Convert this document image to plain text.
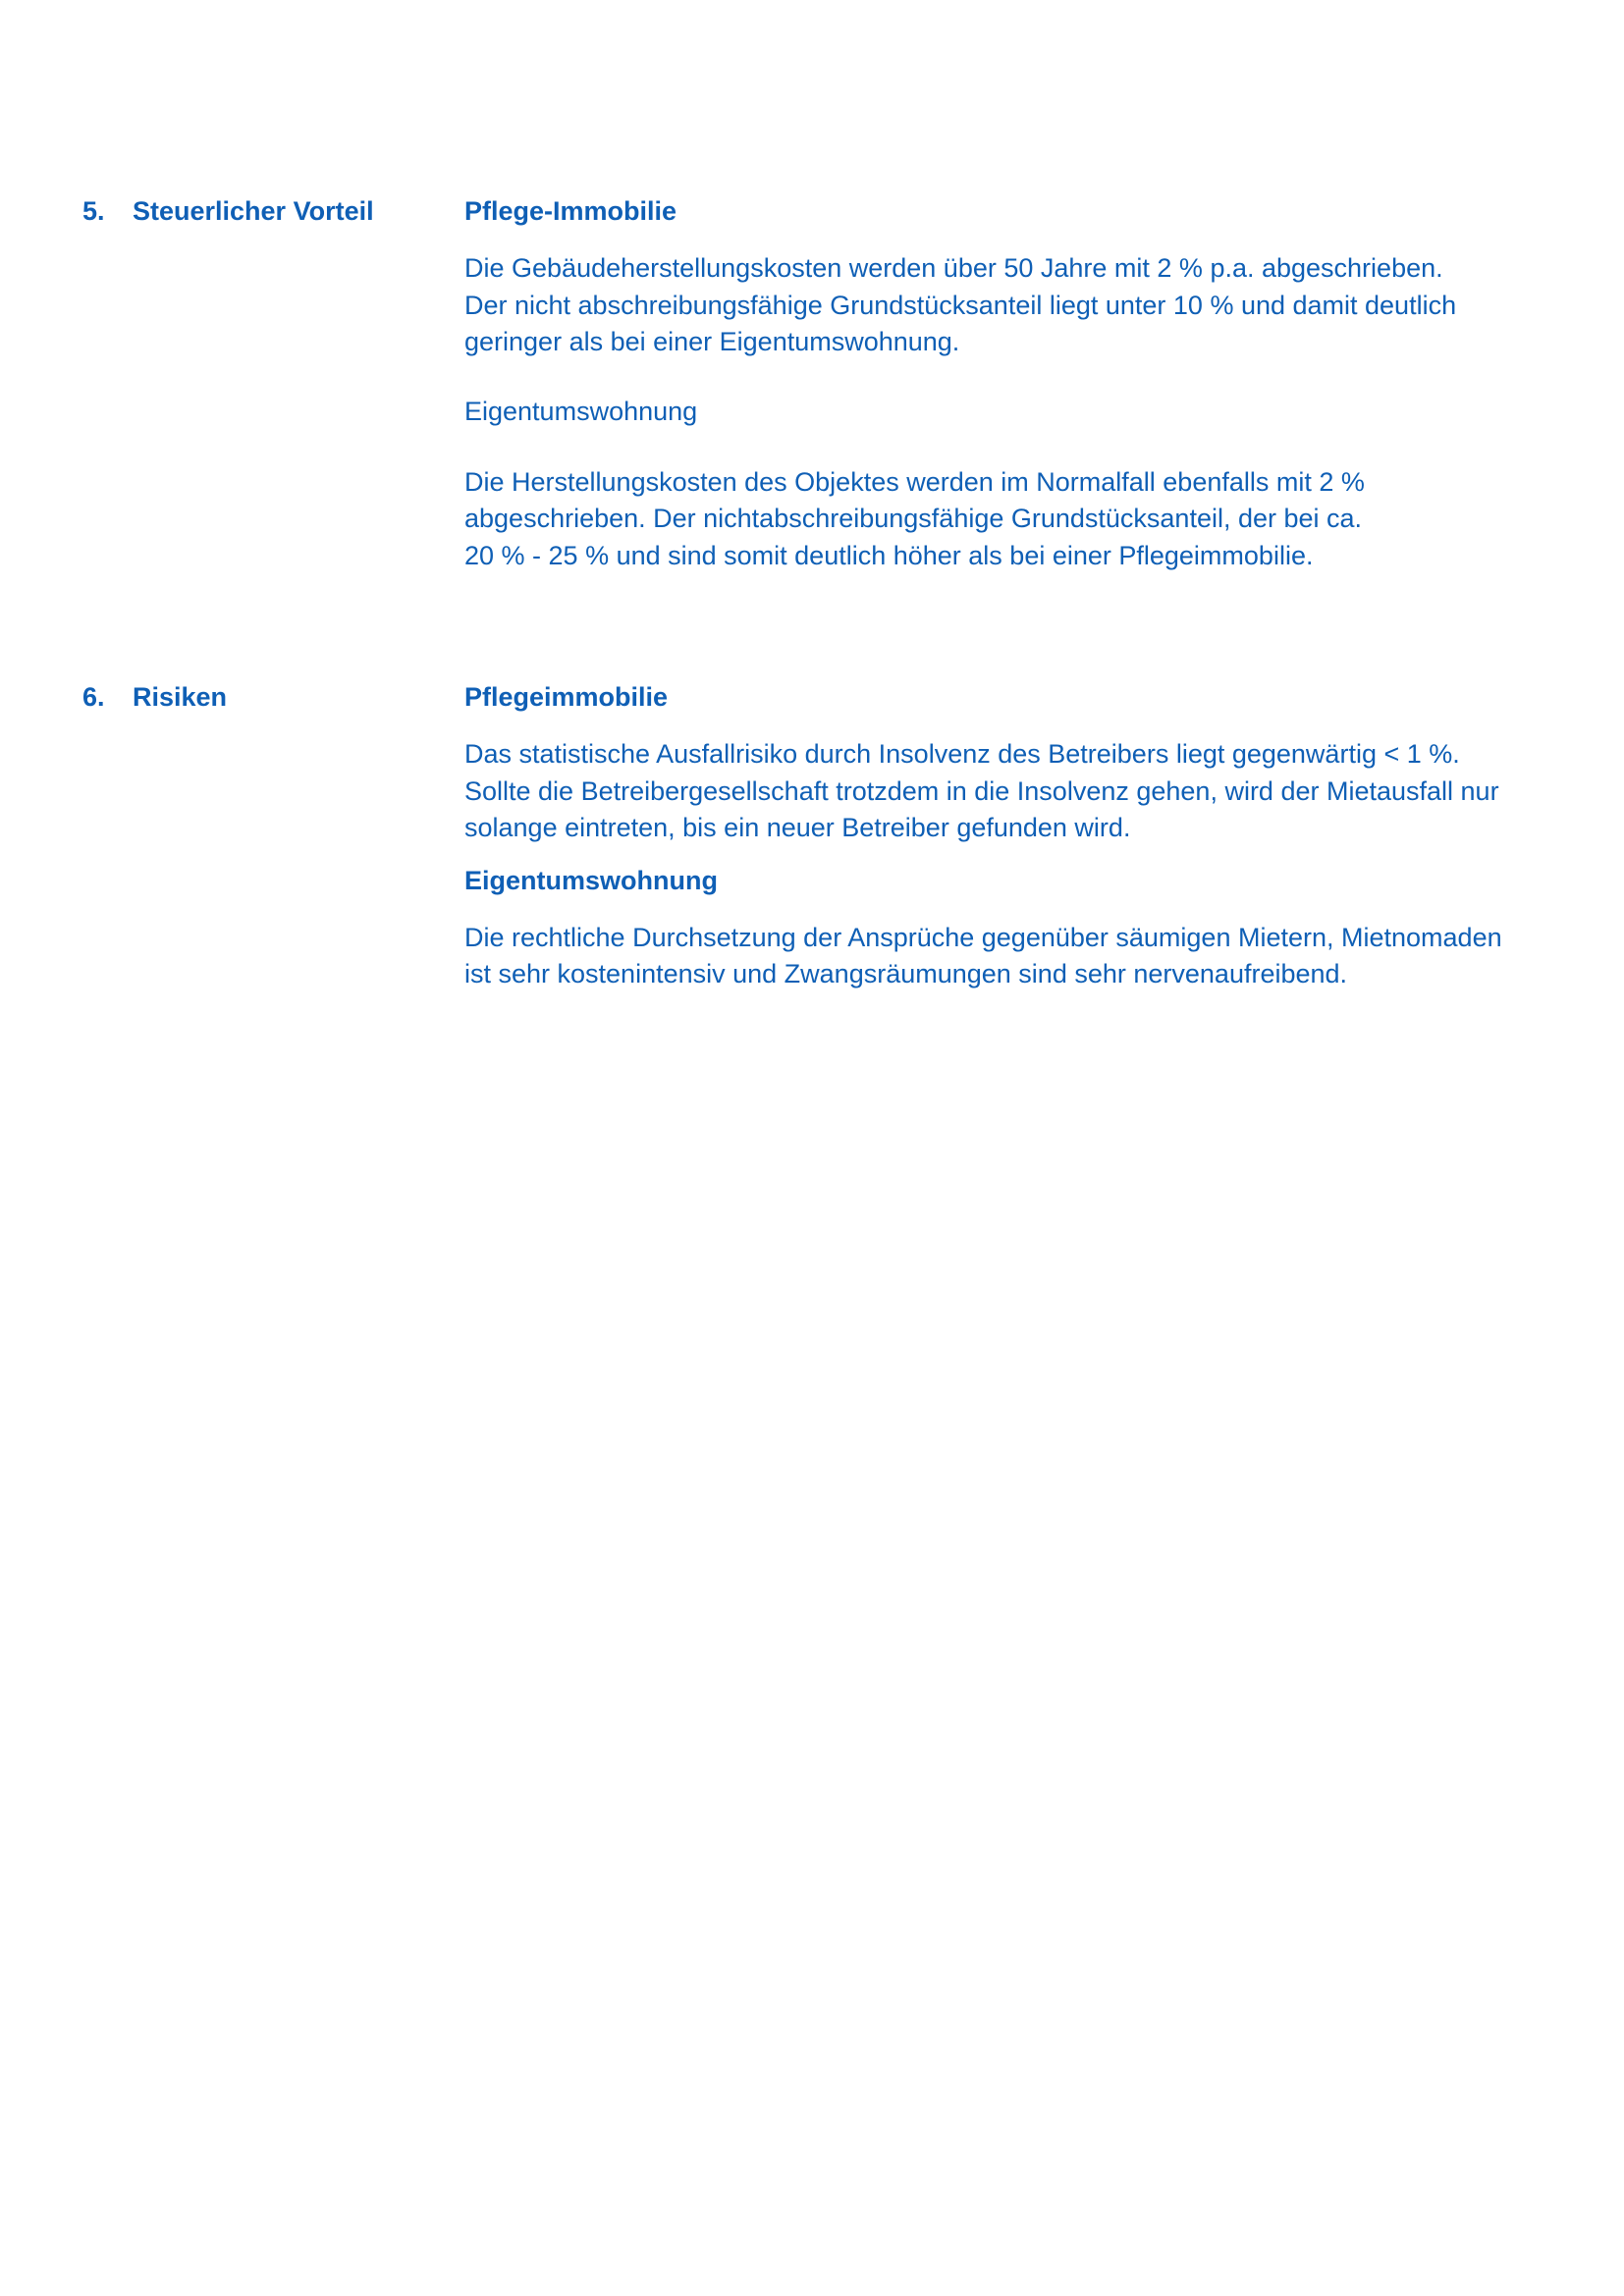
5. Steuerlicher Vorteil	Pflege-Immobilie

Die Gebäudeherstellungskosten werden über 50 Jahre mit 2 % p.a. abgeschrieben.
Der nicht abschreibungsfähige Grundstücksanteil liegt unter 10 % und damit deutlich
geringer als bei einer Eigentumswohnung.

Eigentumswohnung

Die Herstellungskosten des Objektes werden im Normalfall ebenfalls mit 2 %
abgeschrieben. Der nichtabschreibungsfähige Grundstücksanteil, der bei ca.
20 % - 25 % und sind somit deutlich höher als bei einer Pflegeimmobilie.

6. Risiken	Pflegeimmobilie

Das statistische Ausfallrisiko durch Insolvenz des Betreibers liegt gegenwärtig < 1 %.
Sollte die Betreibergesellschaft trotzdem in die Insolvenz gehen, wird der Mietausfall nur
solange eintreten, bis ein neuer Betreiber gefunden wird.

Eigentumswohnung

Die rechtliche Durchsetzung der Ansprüche gegenüber säumigen Mietern, Mietnomaden
ist sehr kostenintensiv und Zwangsräumungen sind sehr nervenaufreibend.
